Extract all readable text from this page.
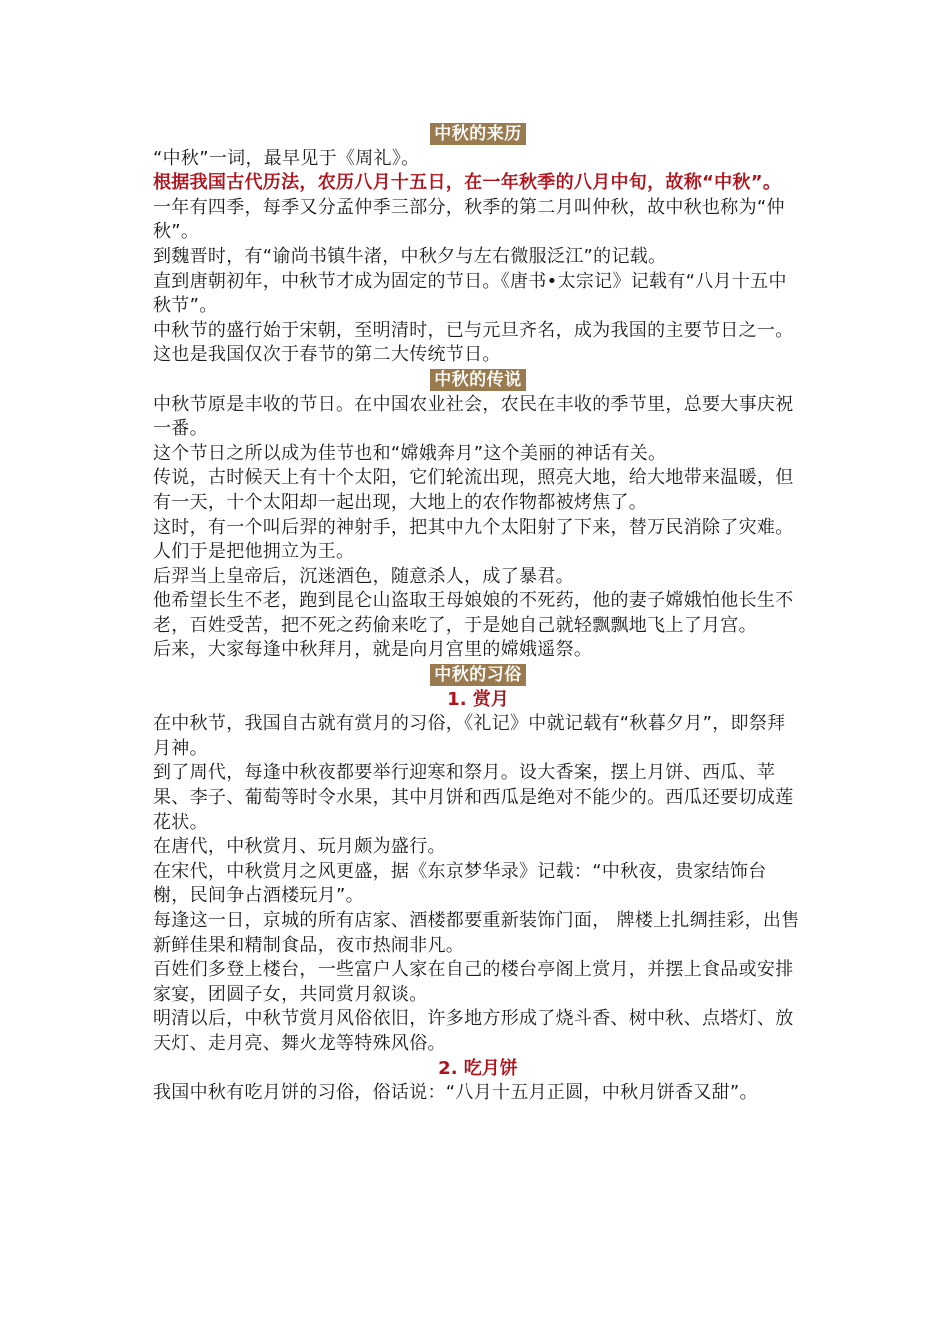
中秋的来历

“中秋”一词，最早见于《周礼》。

根据我国古代历法，农历八月十五日，在一年秋季的八月中旬，故称“中秋”。

一年有四季，每季又分孟仲季三部分，秋季的第二月叫仲秋，故中秋也称为“仲秋”。

到魏晋时，有“谕尚书镇牛渚，中秋夕与左右微服泛江”的记载。

直到唐朝初年，中秋节才成为固定的节日。《唐书•太宗记》记载有“八月十五中秋节”。

中秋节的盛行始于宋朝，至明清时，已与元旦齐名，成为我国的主要节日之一。

这也是我国仅次于春节的第二大传统节日。

中秋的传说

中秋节原是丰收的节日。在中国农业社会，农民在丰收的季节里，总要大事庆祝一番。

这个节日之所以成为佳节也和“嫦娥奔月”这个美丽的神话有关。

传说，古时候天上有十个太阳，它们轮流出现，照亮大地，给大地带来温暖，但有一天，十个太阳却一起出现，大地上的农作物都被烤焦了。

这时，有一个叫后羿的神射手，把其中九个太阳射了下来，替万民消除了灾难。人们于是把他拥立为王。

后羿当上皇帝后，沉迷酒色，随意杀人，成了暴君。

他希望长生不老，跑到昆仑山盗取王母娘娘的不死药，他的妻子嫦娥怕他长生不老，百姓受苦，把不死之药偷来吃了，于是她自己就轻飘飘地飞上了月宫。

后来，大家每逢中秋拜月，就是向月宫里的嫦娥遥祭。

中秋的习俗

1. 赏月

在中秋节，我国自古就有赏月的习俗，《礼记》中就记载有“秋暮夕月”，即祭拜月神。

到了周代，每逢中秋夜都要举行迎寒和祭月。设大香案，摆上月饼、西瓜、苹果、李子、葡萄等时令水果，其中月饼和西瓜是绝对不能少的。西瓜还要切成莲花状。

在唐代，中秋赏月、玩月颇为盛行。

在宋代，中秋赏月之风更盛，据《东京梦华录》记载：“中秋夜，贵家结饰台榭，民间争占酒楼玩月”。

每逢这一日，京城的所有店家、酒楼都要重新装饰门面， 牌楼上扎绸挂彩，出售新鲜佳果和精制食品，夜市热闹非凡。

百姓们多登上楼台，一些富户人家在自己的楼台亭阁上赏月，并摆上食品或安排家宴，团圆子女，共同赏月叙谈。

明清以后，中秋节赏月风俗依旧，许多地方形成了烧斗香、树中秋、点塔灯、放天灯、走月亮、舞火龙等特殊风俗。

2. 吃月饼

我国中秋有吃月饼的习俗，俗话说：“八月十五月正圆，中秋月饼香又甜”。
